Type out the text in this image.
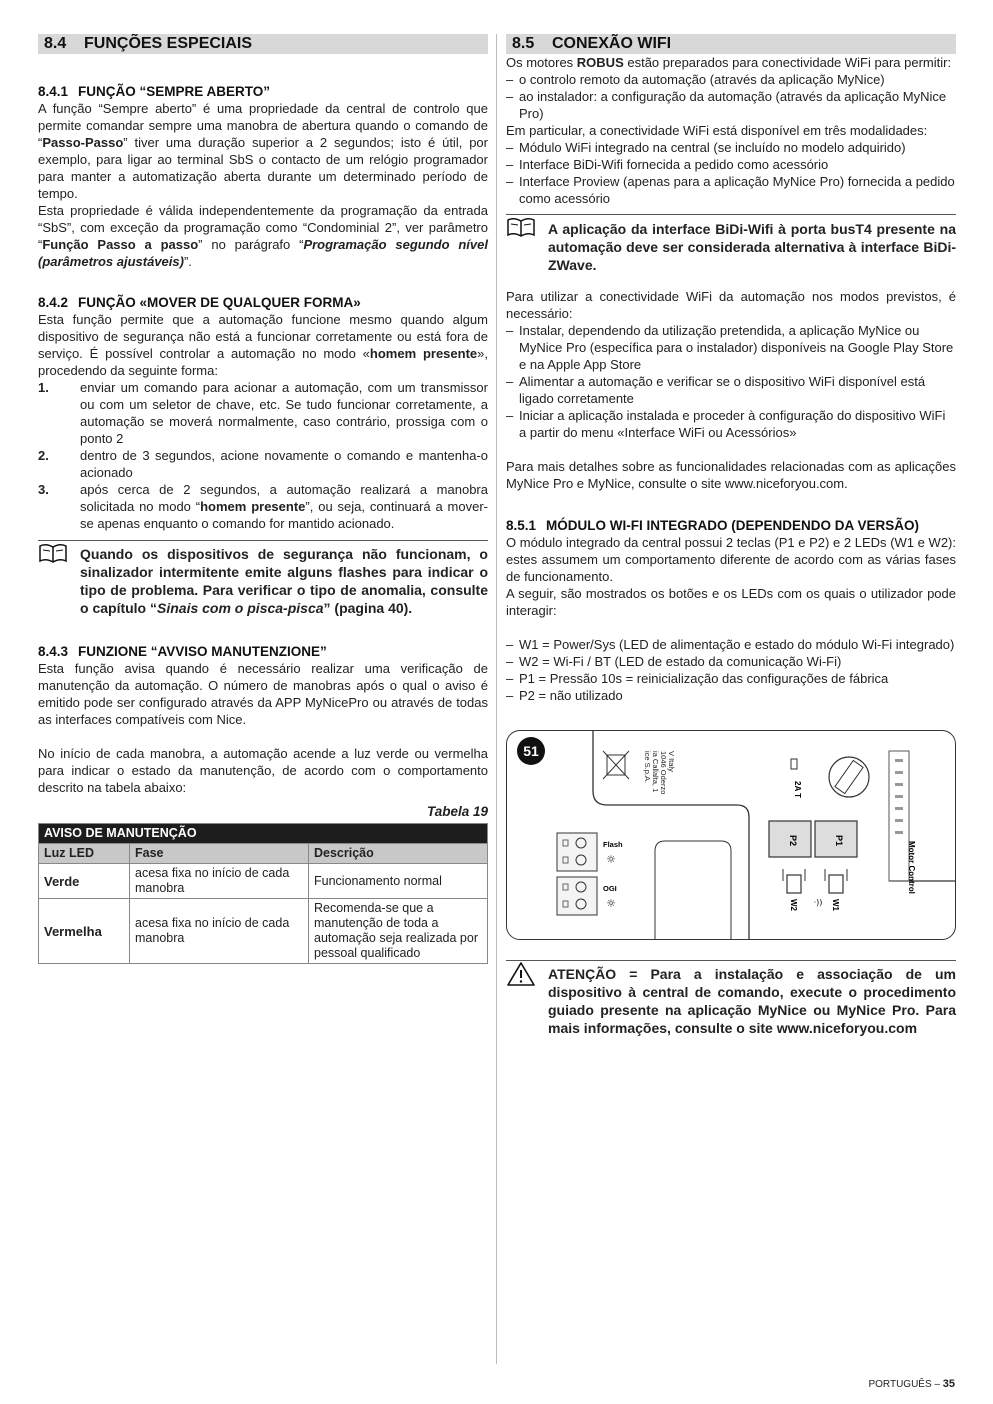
8.4 FUNÇÕES ESPECIAIS
8.4.1 FUNÇÃO “SEMPRE ABERTO”

A função “Sempre aberto” é uma propriedade da central de controlo que permite comandar sempre uma manobra de abertura quando o comando de “Passo-Passo” tiver uma duração superior a 2 segundos; isto é útil, por exemplo, para ligar ao terminal SbS o contacto de um relógio programador para manter a automatização aberta durante um determinado período de tempo.

Esta propriedade é válida independentemente da programação da entrada “SbS”, com exceção da programação como “Condominial 2”, ver parâmetro “Função Passo a passo” no parágrafo “Programação segundo nível (parâmetros ajustáveis)”.

8.4.2 FUNÇÃO «MOVER DE QUALQUER FORMA»

Esta função permite que a automação funcione mesmo quando algum dispositivo de segurança não está a funcionar corretamente ou está fora de serviço. É possível controlar a automação no modo «homem presente», procedendo da seguinte forma:

1. enviar um comando para acionar a automação, com um transmissor ou com um seletor de chave, etc. Se tudo funcionar corretamente, a automação se moverá normalmente, caso contrário, prossiga com o ponto 2
2. dentro de 3 segundos, acione novamente o comando e mantenha-o acionado
3. após cerca de 2 segundos, a automação realizará a manobra solicitada no modo “homem presente”, ou seja, continuará a mover-se apenas enquanto o comando for mantido acionado.
Quando os dispositivos de segurança não funcionam, o sinalizador intermitente emite alguns flashes para indicar o tipo de problema. Para verificar o tipo de anomalia, consulte o capítulo “Sinais com o pisca-pisca” (pagina 40).
8.4.3 FUNZIONE “AVVISO MANUTENZIONE”

Esta função avisa quando é necessário realizar uma verificação de manutenção da automação. O número de manobras após o qual o aviso é emitido pode ser configurado através da APP MyNicePro ou através de todas as interfaces compatíveis com Nice.

No início de cada manobra, a automação acende a luz verde ou vermelha para indicar o estado da manutenção, de acordo com o comportamento descrito na tabela abaixo:

Tabela 19
AVISO DE MANUTENÇÃO		
Luz LED	Fase	Descrição
Verde	acesa fixa no início de cada manobra	Funcionamento normal
Vermelha	acesa fixa no início de cada manobra	Recomenda-se que a manutenção de toda a automação seja realizada por pessoal qualificado
8.5 CONEXÃO WIFI

Os motores ROBUS estão preparados para conectividade WiFi para permitir:

– o controlo remoto da automação (através da aplicação MyNice)
– ao instalador: a configuração da automação (através da aplicação MyNice Pro)

Em particular, a conectividade WiFi está disponível em três modalidades:

– Módulo WiFi integrado na central (se incluído no modelo adquirido)
– Interface BiDi-Wifi fornecida a pedido como acessório
– Interface Proview (apenas para a aplicação MyNice Pro) fornecida a pedido como acessório
A aplicação da interface BiDi-Wifi à porta busT4 presente na automação deve ser considerada alternativa à interface BiDi-ZWave.

Para utilizar a conectividade WiFi da automação nos modos previstos, é necessário:

– Instalar, dependendo da utilização pretendida, a aplicação MyNice ou MyNice Pro (específica para o instalador) disponíveis na Google Play Store e na Apple App Store
– Alimentar a automação e verificar se o dispositivo WiFi disponível está ligado corretamente
– Iniciar a aplicação instalada e proceder à configuração do dispositivo WiFi a partir do menu «Interface WiFi ou Acessórios»

Para mais detalhes sobre as funcionalidades relacionadas com as aplicações MyNice Pro e MyNice, consulte o site www.niceforyou.com.

8.5.1 MÓDULO WI-FI INTEGRADO (DEPENDENDO DA VERSÃO)

O módulo integrado da central possui 2 teclas (P1 e P2) e 2 LEDs (W1 e W2): estes assumem um comportamento diferente de acordo com as várias fases de funcionamento.

A seguir, são mostrados os botões e os LEDs com os quais o utilizador pode interagir:

– W1 = Power/Sys (LED de alimentação e estado do módulo Wi-Fi integrado)
– W2 = Wi-Fi / BT (LED de estado da comunicação Wi-Fi)
– P1 = Pressão 10s = reinicialização das configurações de fábrica
– P2 = não utilizado
51	ice S.p.A. ia Callalta, 1 1046 Oderzo V Italy
2A T
Motor Control
P2	P1
W2 ·)) W1
Flash
☼
OGI
☼
ATENÇÃO = Para a instalação e associação de um dispositivo à central de comando, execute o procedimento guiado presente na aplicação MyNice ou MyNice Pro. Para mais informações, consulte o site www.niceforyou.com
PORTUGUÊS – 35
